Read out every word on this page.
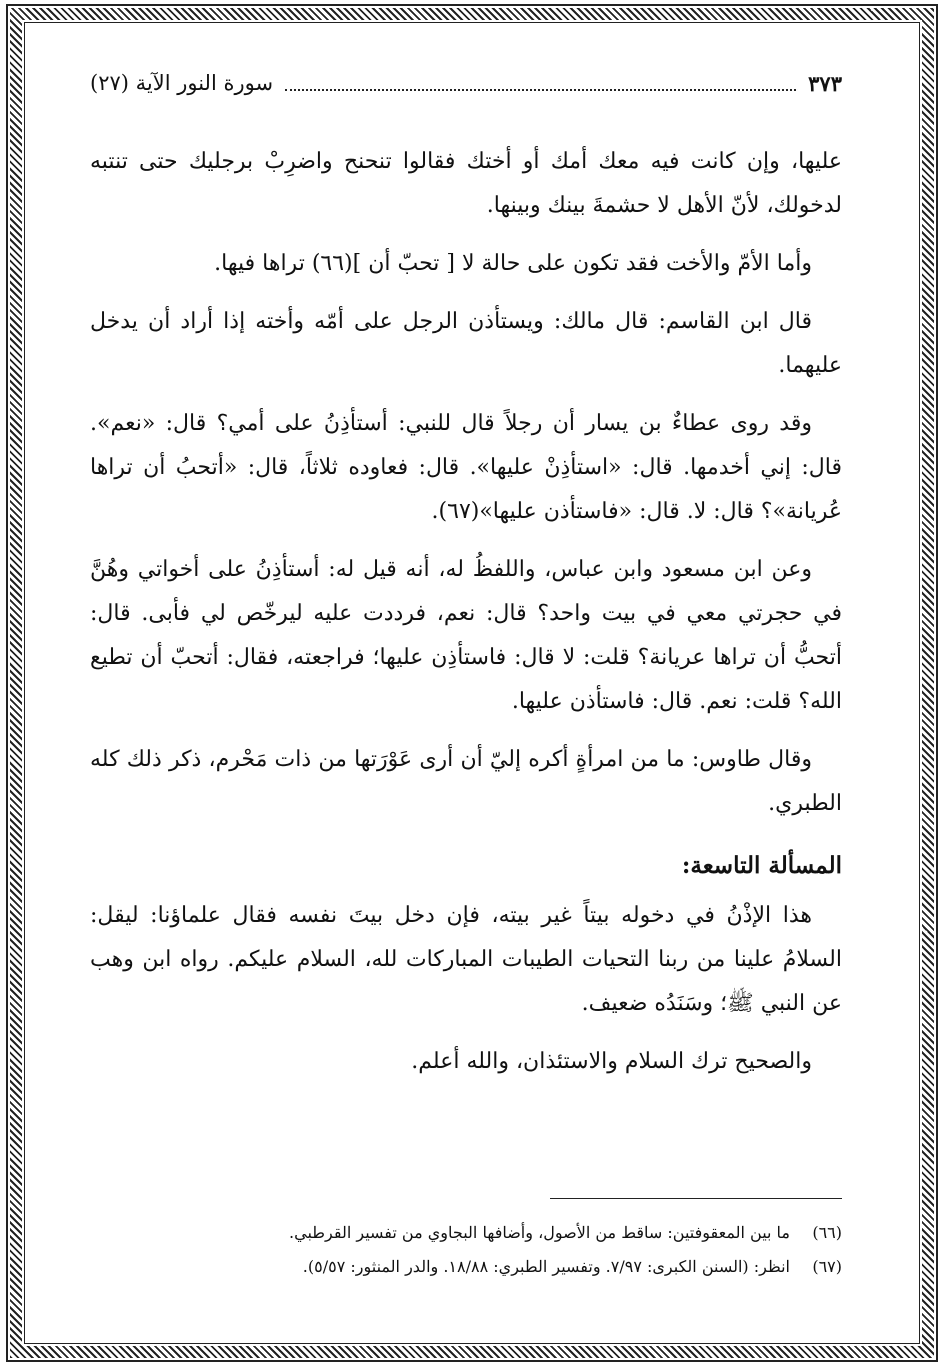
سورة النور الآية (٢٧)	٣٧٣

عليها، وإن كانت فيه معك أمك أو أختك فقالوا تنحنح واضرِبْ برجليك حتى تنتبه لدخولك، لأنّ الأهل لا حشمةَ بينك وبينها.

وأما الأمّ والأخت فقد تكون على حالة لا [ تحبّ أن ](٦٦) تراها فيها.

قال ابن القاسم: قال مالك: ويستأذن الرجل على أمّه وأخته إذا أراد أن يدخل عليهما.

وقد روى عطاءٌ بن يسار أن رجلاً قال للنبي: أستأذِنُ على أمي؟ قال: «نعم». قال: إني أخدمها. قال: «استأذِنْ عليها». قال: فعاوده ثلاثاً، قال: «أتحبُ أن تراها عُريانة»؟ قال: لا. قال: «فاستأذن عليها»(٦٧).

وعن ابن مسعود وابن عباس، واللفظُ له، أنه قيل له: أستأذِنُ على أخواتي وهُنَّ في حجرتي معي في بيت واحد؟ قال: نعم، فرددت عليه ليرخّص لي فأبى. قال: أتحبُّ أن تراها عريانة؟ قلت: لا قال: فاستأذِن عليها؛ فراجعته، فقال: أتحبّ أن تطيع الله؟ قلت: نعم. قال: فاستأذن عليها.

وقال طاوس: ما من امرأةٍ أكره إليّ أن أرى عَوْرَتها من ذات مَحْرم، ذكر ذلك كله الطبري.

المسألة التاسعة:

هذا الإذْنُ في دخوله بيتاً غير بيته، فإن دخل بيتَ نفسه فقال علماؤنا: ليقل: السلامُ علينا من ربنا التحيات الطيبات المباركات لله، السلام عليكم. رواه ابن وهب عن النبي ﷺ؛ وسَنَدُه ضعيف.

والصحيح ترك السلام والاستئذان، والله أعلم.

(٦٦)
ما بين المعقوفتين: ساقط من الأصول، وأضافها البجاوي من تفسير القرطبي.
(٦٧)
انظر: (السنن الكبرى: ٧/٩٧. وتفسير الطبري: ١٨/٨٨. والدر المنثور: ٥/٥٧).
